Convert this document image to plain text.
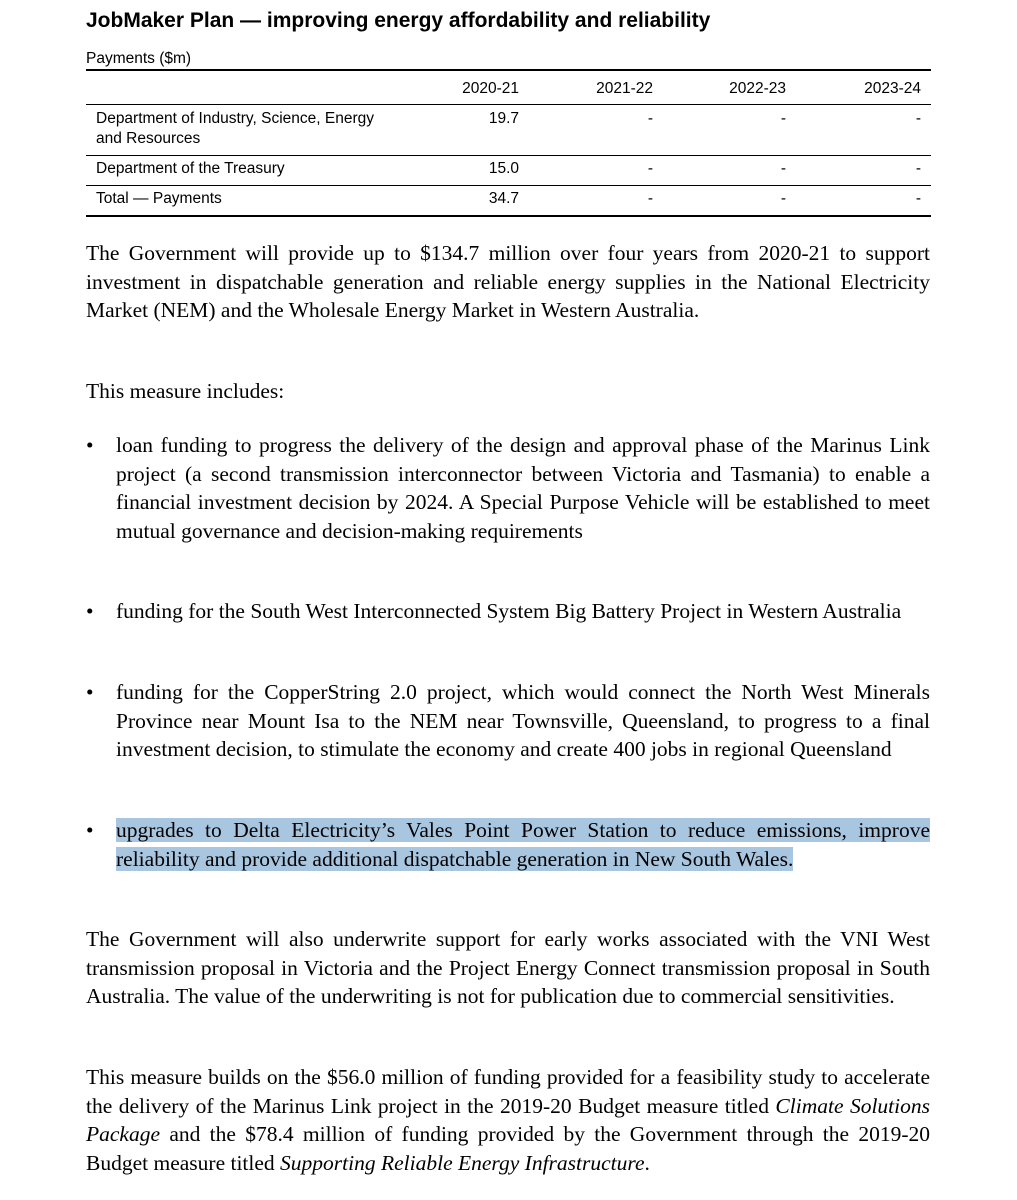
JobMaker Plan — improving energy affordability and reliability
Payments ($m)
	2020-21	2021-22	2022-23	2023-24
Department of Industry, Science, Energy and Resources	19.7	-	-	-
Department of the Treasury	15.0	-	-	-
Total — Payments	34.7	-	-	-

The Government will provide up to $134.7 million over four years from 2020-21 to support investment in dispatchable generation and reliable energy supplies in the National Electricity Market (NEM) and the Wholesale Energy Market in Western Australia.

This measure includes:

•	loan funding to progress the delivery of the design and approval phase of the Marinus Link project (a second transmission interconnector between Victoria and Tasmania) to enable a financial investment decision by 2024. A Special Purpose Vehicle will be established to meet mutual governance and decision-making requirements

•	funding for the South West Interconnected System Big Battery Project in Western Australia

•	funding for the CopperString 2.0 project, which would connect the North West Minerals Province near Mount Isa to the NEM near Townsville, Queensland, to progress to a final investment decision, to stimulate the economy and create 400 jobs in regional Queensland

•	upgrades to Delta Electricity’s Vales Point Power Station to reduce emissions, improve reliability and provide additional dispatchable generation in New South Wales.

The Government will also underwrite support for early works associated with the VNI West transmission proposal in Victoria and the Project Energy Connect transmission proposal in South Australia. The value of the underwriting is not for publication due to commercial sensitivities.

This measure builds on the $56.0 million of funding provided for a feasibility study to accelerate the delivery of the Marinus Link project in the 2019-20 Budget measure titled Climate Solutions Package and the $78.4 million of funding provided by the Government through the 2019-20 Budget measure titled Supporting Reliable Energy Infrastructure.
